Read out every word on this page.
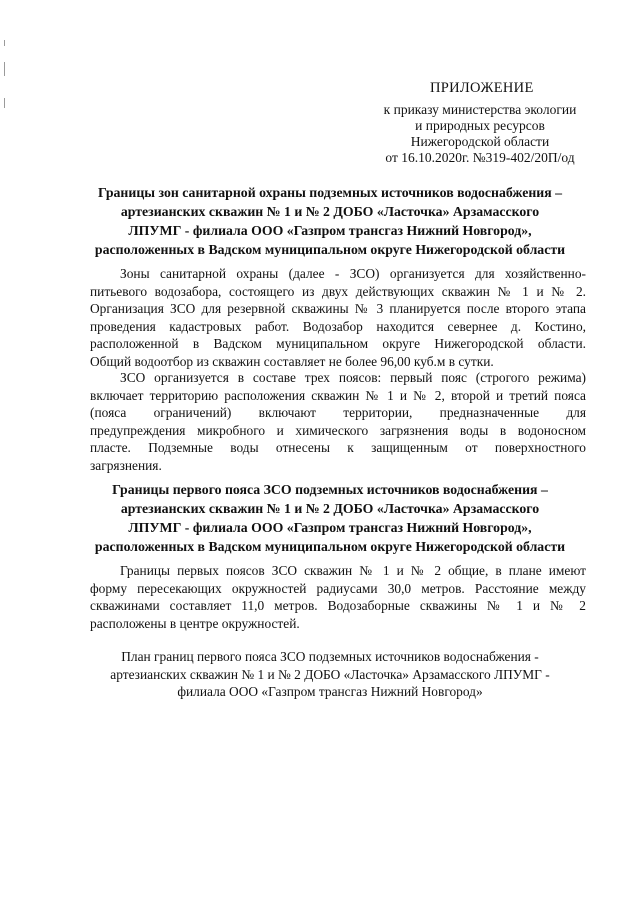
ПРИЛОЖЕНИЕ
к приказу министерства экологии
и природных ресурсов
Нижегородской области
от 16.10.2020г. №319-402/20П/од
Границы зон санитарной охраны подземных источников водоснабжения –
артезианских скважин № 1 и № 2 ДОБО «Ласточка» Арзамасского
ЛПУМГ - филиала ООО «Газпром трансгаз Нижний Новгород»,
расположенных в Вадском муниципальном округе Нижегородской области
Зоны санитарной охраны (далее - ЗСО) организуется для хозяйственно-
питьевого водозабора, состоящего из двух действующих скважин № 1 и № 2.
Организация ЗСО для резервной скважины № 3 планируется после второго этапа
проведения кадастровых работ. Водозабор находится севернее д. Костино,
расположенной в Вадском муниципальном округе Нижегородской области.
Общий водоотбор из скважин составляет не более 96,00 куб.м в сутки.
ЗСО организуется в составе трех поясов: первый пояс (строгого режима)
включает территорию расположения скважин № 1 и № 2, второй и третий пояса
(пояса ограничений) включают территории, предназначенные для
предупреждения микробного и химического загрязнения воды в водоносном
пласте. Подземные воды отнесены к защищенным от поверхностного
загрязнения.
Границы первого пояса ЗСО подземных источников водоснабжения –
артезианских скважин № 1 и № 2 ДОБО «Ласточка» Арзамасского
ЛПУМГ - филиала ООО «Газпром трансгаз Нижний Новгород»,
расположенных в Вадском муниципальном округе Нижегородской области
Границы первых поясов ЗСО скважин № 1 и № 2 общие, в плане имеют
форму пересекающих окружностей радиусами 30,0 метров. Расстояние между
скважинами составляет 11,0 метров. Водозаборные скважины № 1 и № 2
расположены в центре окружностей.
План границ первого пояса ЗСО подземных источников водоснабжения -
артезианских скважин № 1 и № 2 ДОБО «Ласточка» Арзамасского ЛПУМГ -
филиала ООО «Газпром трансгаз Нижний Новгород»
